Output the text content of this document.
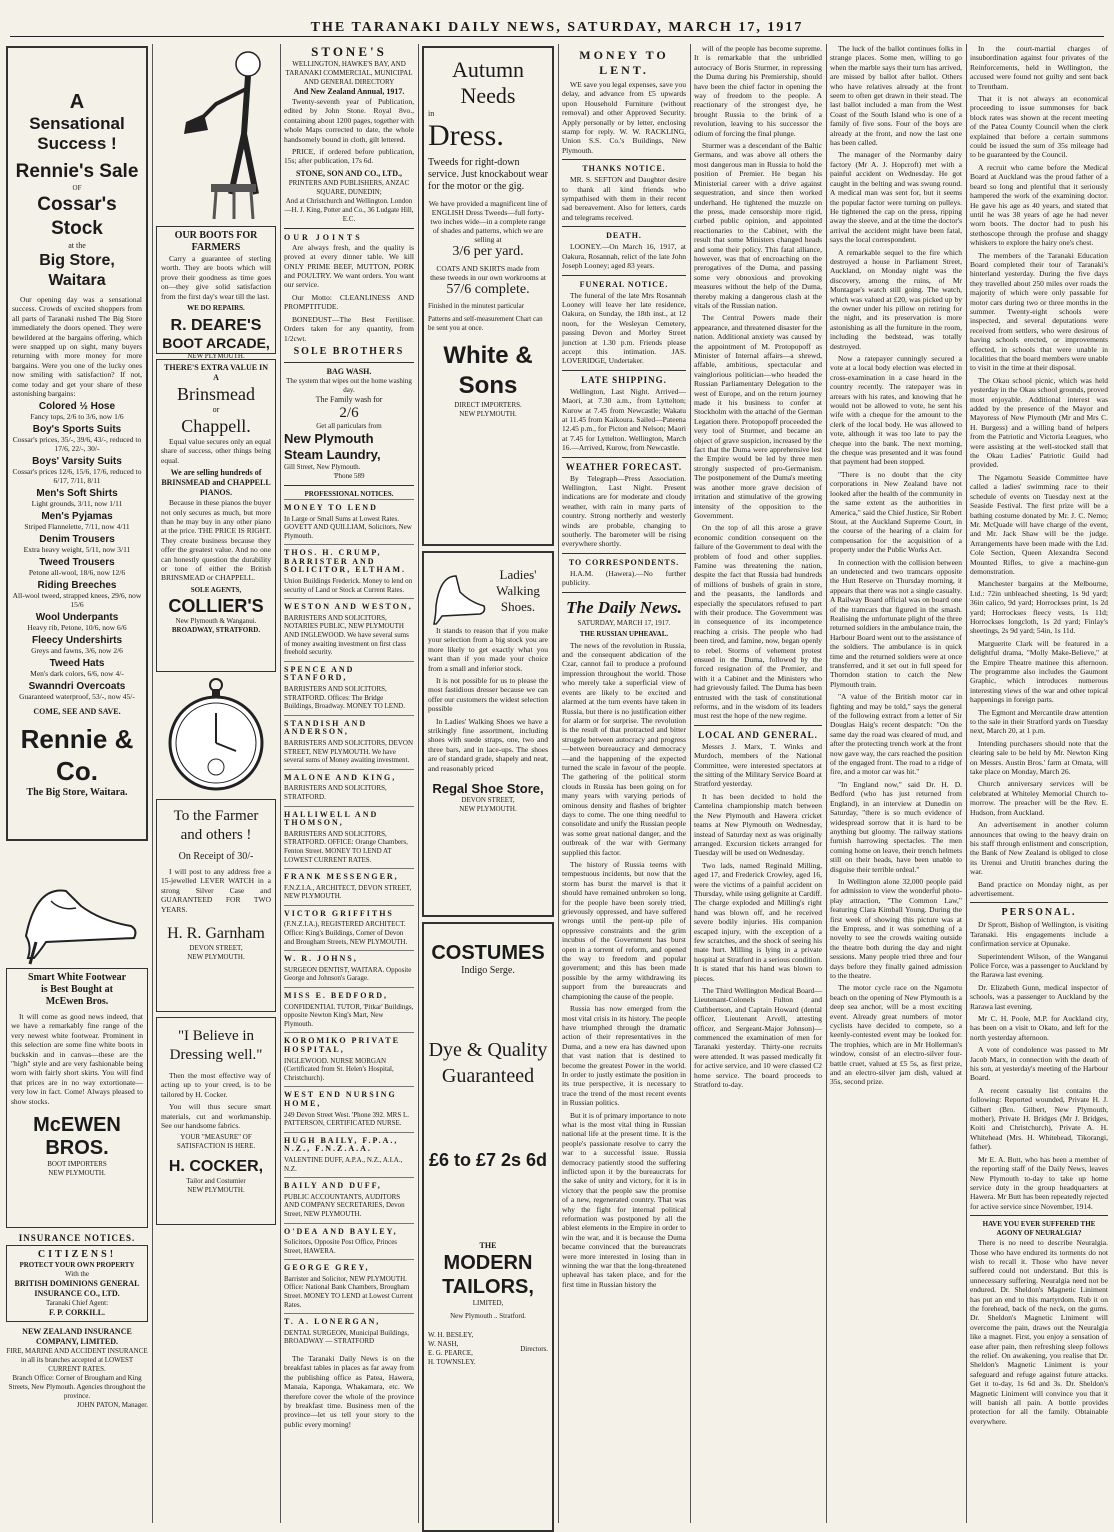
THE TARANAKI DAILY NEWS, SATURDAY, MARCH 17, 1917
A
Sensational
Success !
Rennie's Sale
OF
Cossar's Stock
at the
Big Store, Waitara
Our opening day was a sensational success. Crowds of excited shoppers from all parts of Taranaki rushed The Big Store immediately the doors opened. They were bewildered at the bargains offering, which were snapped up on sight, many buyers returning with more money for more bargains. Were you one of the lucky ones now smiling with satisfaction? If not, come today and get your share of these astonishing bargains:
Colored ½ Hose
Fancy tops, 2/6 to 3/6, now 1/6
Boy's Sports Suits
Cossar's prices, 35/-, 39/6, 43/-, reduced to 17/6, 22/-, 30/-
Boys' Varsity Suits
Cossar's prices 12/6, 15/6, 17/6, reduced to 6/17, 7/11, 8/11
Men's Soft Shirts
Light grounds, 3/11, now 1/11
Men's Pyjamas
Striped Flannelette, 7/11, now 4/11
Denim Trousers
Extra heavy weight, 5/11, now 3/11
Tweed Trousers
Petone all-wool, 18/6, now 12/6
Riding Breeches
All-wool tweed, strapped knees, 29/6, now 15/6
Wool Underpants
Heavy rib, Petone, 10/6, now 6/6
Fleecy Undershirts
Greys and fawns, 3/6, now 2/6
Tweed Hats
Men's dark colors, 6/6, now 4/-
Swanndri Overcoats
Guaranteed waterproof, 53/-, now 45/-
COME, SEE AND SAVE.
Rennie & Co.
The Big Store, Waitara.
Smart White Footwear
is Best Bought at
McEwen Bros.
It will come as good news indeed, that we have a remarkably fine range of the very newest white footwear. Prominent in this selection are some fine white boots in buckskin and in canvas—these are the "high" style and are very fashionable being worn with fairly short skirts. You will find that prices are in no way extortionate—very low in fact. Come! Always pleased to show stocks.
McEWEN BROS.
BOOT IMPORTERS
NEW PLYMOUTH.
INSURANCE NOTICES.
CITIZENS!
PROTECT YOUR OWN PROPERTY
With the
BRITISH DOMINIONS GENERAL INSURANCE CO., LTD.
Taranaki Chief Agent:
F. P. CORKILL.
NEW ZEALAND INSURANCE COMPANY, LIMITED.
FIRE, MARINE AND ACCIDENT INSURANCE in all its branches accepted at LOWEST CURRENT RATES.
Branch Office: Corner of Brougham and King Streets, New Plymouth. Agencies throughout the province.
JOHN PATON, Manager.
OUR BOOTS FOR FARMERS
Carry a guarantee of sterling worth. They are boots which will prove their goodness as time goes on—they give solid satisfaction from the first day's wear till the last.
WE DO REPAIRS.
R. DEARE'S
BOOT ARCADE,
NEW PLYMOUTH.
THERE'S EXTRA VALUE IN A
Brinsmead
or
Chappell.
Equal value secures only an equal share of success, other things being equal.
We are selling hundreds of BRINSMEAD and CHAPPELL PIANOS.
Because in these pianos the buyer not only secures as much, but more than he may buy in any other piano at the price. THE PRICE IS RIGHT. They create business because they offer the greatest value. And no one can honestly question the durability or tone of either the British BRINSMEAD or CHAPPELL.
SOLE AGENTS,
COLLIER'S
New Plymouth & Wanganui.
BROADWAY, STRATFORD.
To the Farmer and others !
On Receipt of 30/-
I will post to any address free a 15-jewelled LEVER WATCH in a strong Silver Case and GUARANTEED FOR TWO YEARS.
H. R. Garnham
DEVON STREET,
NEW PLYMOUTH.
"I Believe in Dressing well."
Then the most effective way of acting up to your creed, is to be tailored by H. Cocker.
You will thus secure smart materials, cut and workmanship. See our handsome fabrics.
YOUR "MEASURE" OF SATISFACTION IS HERE.
H. COCKER,
Tailor and Costumier
NEW PLYMOUTH.
STONE'S
WELLINGTON, HAWKE'S BAY, AND TARANAKI COMMERCIAL, MUNICIPAL AND GENERAL DIRECTORY
And New Zealand Annual, 1917.
Twenty-seventh year of Publication, edited by John Stone. Royal 8vo., containing about 1200 pages, together with whole Maps corrected to date, the whole handsomely bound in cloth, gilt lettered.
PRICE, if ordered before publication, 15s; after publication, 17s 6d.
STONE, SON AND CO., LTD.,
PRINTERS AND PUBLISHERS, ANZAC SQUARE, DUNEDIN;
And at Christchurch and Wellington. London—H. J. King, Potter and Co., 36 Ludgate Hill, E.C.
OUR JOINTS
Are always fresh, and the quality is proved at every dinner table. We kill ONLY PRIME BEEF, MUTTON, PORK and POULTRY. We want orders. You want our service.
Our Motto: CLEANLINESS AND PROMPTITUDE.
BONEDUST—The Best Fertiliser. Orders taken for any quantity, from 1/2cwt.
SOLE BROTHERS
BAG WASH.
The system that wipes out the home washing day.
The Family wash for
2/6
Get all particulars from
New Plymouth
Steam Laundry,
Gill Street, New Plymouth.
'Phone 589
PROFESSIONAL NOTICES.

MONEY TO LEND

In Large or Small Sums at Lowest Rates. GOVETT AND QUILLIAM, Solicitors, New Plymouth.

THOS. H. CRUMP, BARRISTER AND SOLICITOR, ELTHAM.

Union Buildings Frederick. Money to lend on security of Land or Stock at Current Rates.

WESTON AND WESTON,

BARRISTERS AND SOLICITORS, NOTARIES PUBLIC, NEW PLYMOUTH AND INGLEWOOD. We have several sums of money awaiting investment on first class freehold security.

SPENCE AND STANFORD,

BARRISTERS AND SOLICITORS, STRATFORD. Offices: The Bridge Buildings, Broadway. MONEY TO LEND.

STANDISH AND ANDERSON,

BARRISTERS AND SOLICITORS, DEVON STREET, NEW PLYMOUTH. We have several sums of Money awaiting investment.

MALONE AND KING,

BARRISTERS AND SOLICITORS, STRATFORD.

HALLIWELL AND THOMSON,

BARRISTERS AND SOLICITORS, STRATFORD. OFFICE: Orange Chambers, Fenton Street. MONEY TO LEND AT LOWEST CURRENT RATES.

FRANK MESSENGER,

F.N.Z.I.A., ARCHITECT, DEVON STREET, NEW PLYMOUTH.

VICTOR GRIFFITHS

(F.N.Z.I.A.), REGISTERED ARCHITECT. Office: King's Buildings, Corner of Devon and Brougham Streets, NEW PLYMOUTH.

W. R. JOHNS,

SURGEON DENTIST, WAITARA. Opposite George and Johnson's Garage.

MISS E. BEDFORD,

CONFIDENTIAL TUTOR, 'Pitkar' Buildings, opposite Newton King's Mart, New Plymouth.

KOROMIKO PRIVATE HOSPITAL,

INGLEWOOD. NURSE MORGAN (Certificated from St. Helen's Hospital, Christchurch).

WEST END NURSING HOME,

249 Devon Street West. 'Phone 392. MRS L. PATTERSON, CERTIFICATED NURSE.

HUGH BAILY, F.P.A., N.Z., F.N.Z.A.A.

VALENTINE DUFF, A.P.A., N.Z., A.I.A., N.Z.

BAILY AND DUFF,

PUBLIC ACCOUNTANTS, AUDITORS AND COMPANY SECRETARIES, Devon Street, NEW PLYMOUTH.

O'DEA AND BAYLEY,

Solicitors, Opposite Post Office, Princes Street, HAWERA.

GEORGE GREY,

Barrister and Solicitor, NEW PLYMOUTH. Office: National Bank Chambers, Brougham Street. MONEY TO LEND at Lowest Current Rates.

T. A. LONERGAN,

DENTAL SURGEON, Municipal Buildings, BROADWAY — STRATFORD

The Taranaki Daily News is on the breakfast tables in places as far away from the publishing office as Patea, Hawera, Manaia, Kaponga, Whakamara, etc. We therefore cover the whole of the province by breakfast time. Business men of the province—let us tell your story to the public every morning!
Autumn Needs
in
Dress.
Tweeds for right-down service. Just knockabout wear for the motor or the gig.
We have provided a magnificent line of ENGLISH Dress Tweeds—full forty-two inches wide—in a complete range of shades and patterns, which we are selling at
3/6 per yard.
COATS AND SKIRTS made from these tweeds in our own workrooms at
57/6 complete.
Finished in the minutest particular
Patterns and self-measurement Chart can be sent you at once.
White & Sons
DIRECT IMPORTERS.
NEW PLYMOUTH.
Ladies' Walking Shoes.
It stands to reason that if you make your selection from a big stock you are more likely to get exactly what you want than if you made your choice from a small and inferior stock.
It is not possible for us to please the most fastidious dresser because we can offer our customers the widest selection possible
In Ladies' Walking Shoes we have a strikingly fine assortment, including shoes with suede straps, one, two and three bars, and in lace-ups. The shoes are of standard grade, shapely and neat, and reasonably priced
Regal Shoe Store,
DEVON STREET,
NEW PLYMOUTH.
COSTUMES
Indigo Serge.
Dye & Quality Guaranteed
£6 to £7 2s 6d
THE
MODERN TAILORS,
LIMITED,
New Plymouth .. Stratford.
W. H. BESLEY,
W. NASH,
E. G. PEARCE,
H. TOWNSLEY.
Directors.
MONEY TO LENT.
WE save you legal expenses, save you delay, and advance from £5 upwards upon Household Furniture (without removal) and other Approved Security. Apply personally or by letter, enclosing stamp for reply. W. W. RACKLING, Union S.S. Co.'s Buildings, New Plymouth.
THANKS NOTICE.
MR. S. SEFTON and Daughter desire to thank all kind friends who sympathised with them in their recent sad bereavement. Also for letters, cards and telegrams received.
DEATH.
LOONEY.—On March 16, 1917, at Oakura, Rosannah, relict of the late John Joseph Looney; aged 83 years.
FUNERAL NOTICE.
The funeral of the late Mrs Rosannah Looney will leave her late residence, Oakura, on Sunday, the 18th inst., at 12 noon, for the Wesleyan Cemetery, passing Devon and Morley Street junction at 1.30 p.m. Friends please accept this intimation. JAS. LOVERIDGE, Undertaker.
LATE SHIPPING.
Wellington, Last Night. Arrived—Maori, at 7.30 a.m., from Lyttelton; Kurow at 7.45 from Newcastle; Wakatu at 11.45 from Kaikoura. Sailed—Pateena 12.45 p.m., for Picton and Nelson; Maori at 7.45 for Lyttelton. Wellington, March 16.—Arrived, Kurow, from Newcastle.
WEATHER FORECAST.
By Telegraph—Press Association. Wellington, Last Night. Present indications are for moderate and cloudy weather, with rain in many parts of country. Strong northerly and westerly winds are probable, changing to southerly. The barometer will be rising everywhere shortly.
TO CORRESPONDENTS.
H.A.M. (Hawera).—No further publicity.
The Daily News.
SATURDAY, MARCH 17, 1917.
THE RUSSIAN UPHEAVAL.
The news of the revolution in Russia, and the consequent abdication of the Czar, cannot fail to produce a profound impression throughout the world. Those who merely take a superficial view of events are likely to be excited and alarmed at the turn events have taken in Russia, but there is no justification either for alarm or for surprise. The revolution is the result of that protracted and bitter struggle between autocracy and progress—between bureaucracy and democracy—and the happening of the expected turned the scale in favour of the people. The gathering of the political storm clouds in Russia has been going on for many years with varying periods of ominous density and flashes of brighter days to come. The one thing needful to consolidate and unify the Russian people was some great national danger, and the outbreak of the war with Germany supplied this factor.
The history of Russia teems with tempestuous incidents, but now that the storm has burst the marvel is that it should have remained unbroken so long, for the people have been sorely tried, grievously oppressed, and have suffered wrongs until the pent-up pile of oppressive constraints and the grim incubus of the Government has burst open in a torrent of reform, and opened the way to freedom and popular government; and this has been made possible by the army withdrawing its support from the bureaucrats and championing the cause of the people.
Russia has now emerged from the most vital crisis in its history. The people have triumphed through the dramatic action of their representatives in the Duma, and a new era has dawned upon that vast nation that is destined to become the greatest Power in the world. In order to justly estimate the position in its true perspective, it is necessary to trace the trend of the most recent events in Russian politics.
But it is of primary importance to note what is the most vital thing in Russian national life at the present time. It is the people's passionate resolve to carry the war to a successful issue. Russia democracy patiently stood the suffering inflicted upon it by the bureaucrats for the sake of unity and victory, for it is in victory that the people saw the promise of a new, regenerated country. That was why the fight for internal political reformation was postponed by all the ablest elements in the Empire in order to win the war, and it is because the Duma became convinced that the bureaucrats were more interested in losing than in winning the war that the long-threatened upheaval has taken place, and for the first time in Russian history the
will of the people has become supreme. It is remarkable that the unbridled autocracy of Boris Sturmer, in repressing the Duma during his Premiership, should have been the chief factor in opening the way of freedom to the people. A reactionary of the strongest dye, he brought Russia to the brink of a revolution, leaving to his successor the odium of forcing the final plunge.
Sturmer was a descendant of the Baltic Germans, and was above all others the most dangerous man in Russia to hold the position of Premier. He began his Ministerial career with a drive against sequestration, and since then worked underhand. He tightened the muzzle on the press, made censorship more rigid, curbed public opinion, and appointed reactionaries to the Cabinet, with the result that some Ministers changed heads and some their policy. This fatal alliance, however, was that of encroaching on the prerogatives of the Duma, and passing some very obnoxious and provoking measures without the help of the Duma, thereby making a dangerous clash at the vitals of the Russian nation.
The Central Powers made their appearance, and threatened disaster for the nation. Additional anxiety was caused by the appointment of M. Protopopoff as Minister of Internal affairs—a shrewd, affable, ambitious, spectacular and vainglorious politician—who headed the Russian Parliamentary Delegation to the west of Europe, and on the return journey made it his business to confer at Stockholm with the attaché of the German Legation there. Protopopoff proceeded the very tool of Sturmer, and became an object of grave suspicion, increased by the fact that the Duma were apprehensive lest the Empire would be led by three men strongly suspected of pro-Germanism. The postponement of the Duma's meeting was another more grave decision of irritation and stimulative of the growing intensity of the opposition to the Government.
On the top of all this arose a grave economic condition consequent on the failure of the Government to deal with the problem of food and other supplies. Famine was threatening the nation, despite the fact that Russia had hundreds of millions of bushels of grain in store, and the peasants, the landlords and especially the speculators refused to part with their produce. The Government was in consequence of its incompetence reaching a crisis. The people who had been tired, and famine, now, began openly to rebel. Storms of vehement protest ensued in the Duma, followed by the forced resignation of the Premier, and with it a Cabinet and the Ministers who had grievously failed. The Duma has been entrusted with the task of constitutional reforms, and in the wisdom of its leaders must rest the hope of the new regime.
LOCAL AND GENERAL.
Messrs J. Marx, T. Winks and Murdoch, members of the National Committee, were interested spectators at the sitting of the Military Service Board at Stratford yesterday.
It has been decided to hold the Cantelina championship match between the New Plymouth and Hawera cricket teams at New Plymouth on Wednesday, instead of Saturday next as was originally arranged. Excursion tickets arranged for Tuesday will be used on Wednesday.
Two lads, named Reginald Milling, aged 17, and Frederick Crowley, aged 16, were the victims of a painful accident on Thursday, while using gelignite at Cardiff. The charge exploded and Milling's right hand was blown off, and he received severe bodily injuries. His companion escaped injury, with the exception of a few scratches, and the shock of seeing his mate hurt. Milling is lying in a private hospital at Stratford in a serious condition. It is stated that his hand was blown to pieces.
The Third Wellington Medical Board—Lieutenant-Colonels Fulton and Cuthbertson, and Captain Howard (dental officer, Lieutenant Arvell, attesting officer, and Sergeant-Major Johnson)—commenced the examination of men for Taranaki yesterday. Thirty-one recruits were attended. It was passed medically fit for active service, and 10 were classed C2 home service. The board proceeds to Stratford to-day.
The luck of the ballot continues folks in strange places. Some men, willing to go when the marble says their turn has arrived, are missed by ballot after ballot. Others who have relatives already at the front seem to often get drawn in their stead. The last ballot included a man from the West Coast of the South Island who is one of a family of five sons. Four of the boys are already at the front, and now the last one has been called.
The manager of the Normanby dairy factory (Mr A. J. Hopcroft) met with a painful accident on Wednesday. He got caught in the belting and was swung round. A medical man was sent for, but it seems the popular factor were turning on pulleys. He tightened the cap on the press, ripping away the sleeve, and at the time the doctor's arrival the accident might have been fatal, says the local correspondent.
A remarkable sequel to the fire which destroyed a house in Parliament Street, Auckland, on Monday night was the discovery, among the ruins, of Mr Montague's watch still going. The watch, which was valued at £20, was picked up by the owner under his pillow on retiring for the night, and its preservation is more astonishing as all the furniture in the room, including the bedstead, was totally destroyed.
Now a ratepayer cunningly secured a vote at a local body election was elected in cross-examination in a case heard in the country recently. The ratepayer was in arrears with his rates, and knowing that he would not be allowed to vote, he sent his wife with a cheque for the amount to the clerk of the local body. He was allowed to vote, although it was too late to pay the cheque into the bank. The next morning, the cheque was presented and it was found that payment had been stopped.
"There is no doubt that the city corporations in New Zealand have not looked after the health of the community in the same extent as the authorities in America," said the Chief Justice, Sir Robert Stout, at the Auckland Supreme Court, in the course of the hearing of a claim for compensation for the acquisition of a property under the Public Works Act.
In connection with the collision between an undetected and two tramcars opposite the Hutt Reserve on Thursday morning, it appears that there was not a single casualty. A Railway Board official was on board one of the tramcars that figured in the smash. Realising the unfortunate plight of the three returned soldiers in the ambulance train, the Harbour Board went out to the assistance of the soldiers. The ambulance is in quick time and the returned soldiers were at once transferred, and it set out in full speed for Thorndon station to catch the New Plymouth train.
"A value of the British motor car in fighting and may be told," says the general of the following extract from a letter of Sir Douglas Haig's recent despatch: "On the same day the road was cleared of mud, and after the protecting trench work at the front now gave way, the cars reached the position of the engaged front. The road to a ridge of fire, and a motor car was hit."
"In England now," said Dr. H. D. Bedford (who has just returned from England), in an interview at Dunedin on Saturday, "there is so much evidence of widespread sorrow that it is hard to be anything but gloomy. The railway stations furnish harrowing spectacles. The men coming home on leave, their trench helmets still on their heads, have been unable to disguise their terrible ordeal."
In Wellington alone 32,000 people paid for admission to view the wonderful photo-play attraction, "The Common Law," featuring Clara Kimball Young. During the first week of showing this picture was at the Empress, and it was something of a novelty to see the crowds waiting outside the theatre both during the day and night sessions. Many people tried three and four days before they finally gained admission to the theatre.
The motor cycle race on the Ngamotu beach on the opening of New Plymouth is a deep sea anchor, will be a most exciting event. Already great numbers of motor cyclists have decided to compete, so a keenly-contested event may be looked for. The trophies, which are in Mr Hollerman's window, consist of an electro-silver four-battle cruet, valued at £5 5s, as first prize, and an electro-silver jam dish, valued at 35s, second prize.
In the court-martial charges of insubordination against four privates of the Reinforcements, held in Wellington, the accused were found not guilty and sent back to Trentham.
That it is not always an economical proceeding to issue summonses for back block rates was shown at the recent meeting of the Patea County Council when the clerk explained that before a certain summons could be issued the sum of 35s mileage had to be guaranteed by the Council.
A recruit who came before the Medical Board at Auckland was the proud father of a beard so long and plentiful that it seriously hampered the work of the examining doctor. He gave his age as 40 years, and stated that until he was 38 years of age he had never worn boots. The doctor had to push his stethoscope through the profuse and shaggy whiskers to explore the hairy one's chest.
The members of the Taranaki Education Board completed their tour of Taranaki's hinterland yesterday. During the five days they travelled about 250 miles over roads the majority of which were only passable for motor cars during two or three months in the summer. Twenty-eight schools were inspected, and several deputations were received from settlers, who were desirous of having schools erected, or improvements effected, in schools that were unable in localities that the board members were unable to visit in the time at their disposal.
The Okau school picnic, which was held yesterday in the Okau school grounds, proved most enjoyable. Additional interest was added by the presence of the Mayor and Mayoress of New Plymouth (Mr and Mrs C. H. Burgess) and a willing band of helpers from the Patriotic and Victoria Leagues, who were assisting at the well-stocked stall that the Okau Ladies' Patriotic Guild had provided.
The Ngamotu Seaside Committee have called a ladies' swimming race to their schedule of events on Tuesday next at the Seaside Festival. The first prize will be a bathing costume donated by Mr. J. C. Nemo; Mr. McQuade will have charge of the event, and Mr. Jack Shaw will be the judge. Arrangements have been made with the Ltd. Cole Section, Queen Alexandra Second Mounted Rifles, to give a machine-gun demonstration.
Manchester bargains at the Melbourne, Ltd.: 72in unbleached sheeting, 1s 9d yard; 36in calico, 9d yard; Horrockses print, 1s 2d yard; Horrockses fleecy vests, 1s 11d; Horrockses longcloth, 1s 2d yard; Finlay's sheetings, 2s 9d yard; 54in, 1s 11d.
Marguerite Clark will be featured in a delightful drama, "Molly Make-Believe," at the Empire Theatre matinee this afternoon. The programme also includes the Gaumont Graphic, which introduces numerous interesting views of the war and other topical happenings in foreign parts.
The Egmont and Mercantile draw attention to the sale in their Stratford yards on Tuesday next, March 20, at 1 p.m.
Intending purchasers should note that the clearing sale to be held by Mr. Newton King on Messrs. Austin Bros.' farm at Omata, will take place on Monday, March 26.
Church anniversary services will be celebrated at Whiteley Memorial Church to-morrow. The preacher will be the Rev. E. Hudson, from Auckland.
An advertisement in another column announces that owing to the heavy drain on his staff through enlistment and conscription, the Bank of New Zealand is obliged to close its Urenui and Urutiti branches during the war.
Band practice on Monday night, as per advertisement.
PERSONAL.
Dr Sprott, Bishop of Wellington, is visiting Taranaki. His engagements include a confirmation service at Opunake.
Superintendent Wilson, of the Wanganui Police Force, was a passenger to Auckland by the Rarawa last evening.
Dr. Elizabeth Gunn, medical inspector of schools, was a passenger to Auckland by the Rarawa last evening.
Mr C. H. Poole, M.P. for Auckland city, has been on a visit to Okato, and left for the north yesterday afternoon.
A vote of condolence was passed to Mr Jacob Marx, in connection with the death of his son, at yesterday's meeting of the Harbour Board.
A recent casualty list contains the following: Reported wounded, Private H. J. Gilbert (Bro. Gilbert, New Plymouth, mother), Private H. Bridges (Mr J. Bridges, Koiti and Christchurch), Private A. H. Whitehead (Mrs. H. Whitehead, Tikorangi, father).
Mr E. A. Butt, who has been a member of the reporting staff of the Daily News, leaves New Plymouth to-day to take up home service duty in the group headquarters at Hawera. Mr Butt has been repeatedly rejected for active service since November, 1914.
HAVE YOU EVER SUFFERED THE AGONY OF NEURALGIA?
There is no need to describe Neuralgia. Those who have endured its torments do not wish to recall it. Those who have never suffered could not understand. But this is unnecessary suffering. Neuralgia need not be endured. Dr. Sheldon's Magnetic Liniment has put an end to this martyrdom. Rub it on the forehead, back of the neck, on the gums. Dr. Sheldon's Magnetic Liniment will overcome the pain, draws out the Neuralgia like a magnet. First, you enjoy a sensation of ease after pain, then refreshing sleep follows the relief. On awakening, you realise that Dr. Sheldon's Magnetic Liniment is your safeguard and refuge against future attacks. Get it to-day, 1s 6d and 3s. Dr. Sheldon's Magnetic Liniment will convince you that it will banish all pain. A bottle provides protection for all the family. Obtainable everywhere.
